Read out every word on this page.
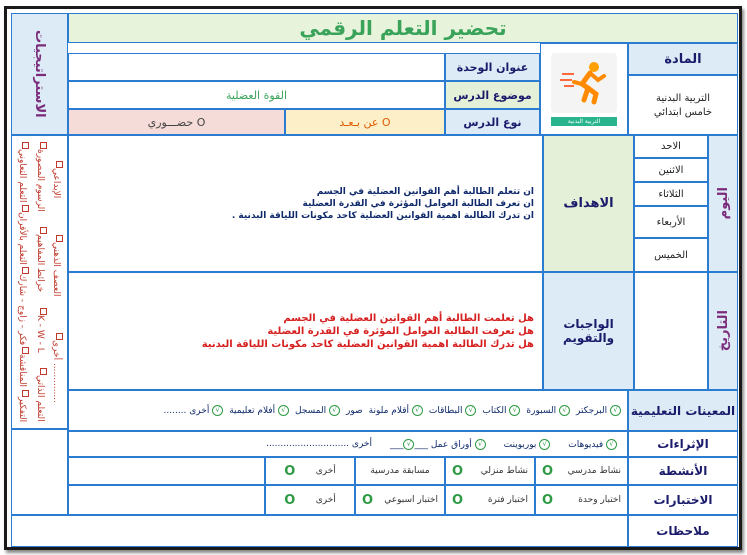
تحضير التعلم الرقمي
المادة
التربية البدنية
خامس ابتدائي
التربية البدنية
عنوان الوحدة
موضوع الدرس
نوع الدرس
القوة العضلية
عن بـعـد O
حضـــوري O
الاستراتيجيات
التعلم التعاوني
التعلم بالأقران
فكر - زاوج - شارك
المناقشة
التفكير
الرسوم المصورة
خرائط المفاهيم
K - W - L
التعلم الذاتي
الإبداعي
العصف الذهني
أخرى ..............
اليوم
الاحد
الاثنين
الثلاثاء
الأربعاء
الخميس
التاريخ
الاهداف
ان تتعلم الطالبة أهم القوانين العضلية في الجسم
ان تعرف الطالبة العوامل المؤثرة في القدرة العضلية
ان تدرك الطالبة اهمية القوانين العضلية كاحد مكونات اللياقة البدنية .
الواجبات والتقويم
هل تعلمت الطالبة أهم القوانين العضلية في الجسم
هل تعرفت الطالبة العوامل المؤثرة في القدرة العضلية
هل تدرك الطالبة اهمية القوانين العضلية كاحد مكونات اللياقة البدنية
المعينات التعليمية
√ البرجكتر
√ السبورة
√ الكتاب
√ البطاقات
√ أقلام ملونة
صور
√ المسجل
√ أفلام تعليمية
√ أخرى ........
الإثراءات
√ فيديوهات
√ بوربوينت
√ أوراق عمل ___√___
أخرى .............................
الأنشطة
نشاط مدرسي
O
نشاط منزلي
O
مسابقة مدرسية
أخرى
O
الاختبارات
اختبار وحدة
O
اختبار فترة
O
اختبار اسبوعي
O
أخرى
O
ملاحظات
